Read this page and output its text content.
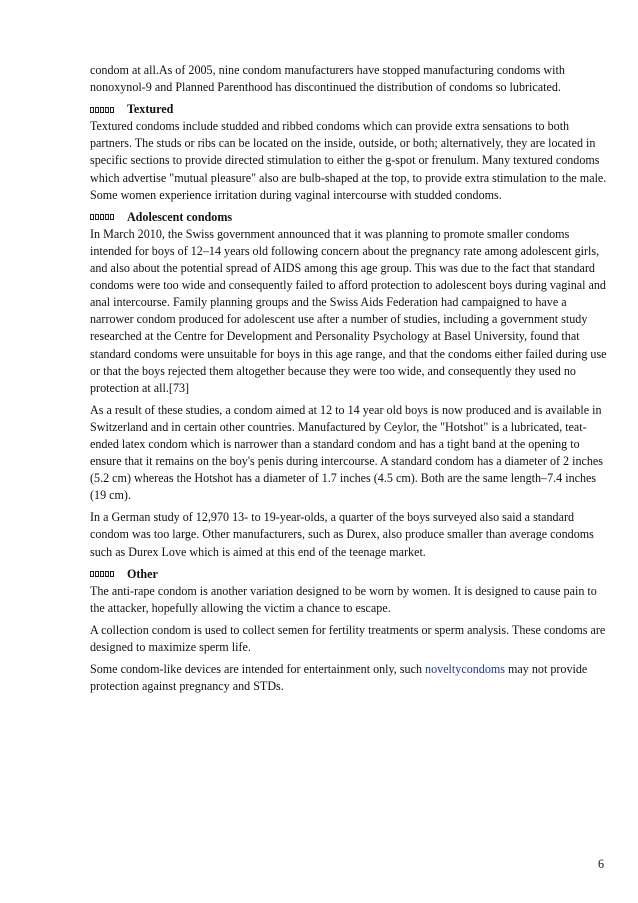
condom at all.As of 2005, nine condom manufacturers have stopped manufacturing condoms with nonoxynol-9 and Planned Parenthood has discontinued the distribution of condoms so lubricated.

Textured

Textured condoms include studded and ribbed condoms which can provide extra sensations to both partners. The studs or ribs can be located on the inside, outside, or both; alternatively, they are located in specific sections to provide directed stimulation to either the g-spot or frenulum. Many textured condoms which advertise "mutual pleasure" also are bulb-shaped at the top, to provide extra stimulation to the male. Some women experience irritation during vaginal intercourse with studded condoms.

Adolescent condoms

In March 2010, the Swiss government announced that it was planning to promote smaller condoms intended for boys of 12–14 years old following concern about the pregnancy rate among adolescent girls, and also about the potential spread of AIDS among this age group. This was due to the fact that standard condoms were too wide and consequently failed to afford protection to adolescent boys during vaginal and anal intercourse. Family planning groups and the Swiss Aids Federation had campaigned to have a narrower condom produced for adolescent use after a number of studies, including a government study researched at the Centre for Development and Personality Psychology at Basel University, found that standard condoms were unsuitable for boys in this age range, and that the condoms either failed during use or that the boys rejected them altogether because they were too wide, and consequently they used no protection at all.[73]

As a result of these studies, a condom aimed at 12 to 14 year old boys is now produced and is available in Switzerland and in certain other countries. Manufactured by Ceylor, the "Hotshot" is a lubricated, teat-ended latex condom which is narrower than a standard condom and has a tight band at the opening to ensure that it remains on the boy's penis during intercourse. A standard condom has a diameter of 2 inches (5.2 cm) whereas the Hotshot has a diameter of 1.7 inches (4.5 cm). Both are the same length–7.4 inches (19 cm).

In a German study of 12,970 13- to 19-year-olds, a quarter of the boys surveyed also said a standard condom was too large. Other manufacturers, such as Durex, also produce smaller than average condoms such as Durex Love which is aimed at this end of the teenage market.

Other

The anti-rape condom is another variation designed to be worn by women. It is designed to cause pain to the attacker, hopefully allowing the victim a chance to escape.

A collection condom is used to collect semen for fertility treatments or sperm analysis. These condoms are designed to maximize sperm life.

Some condom-like devices are intended for entertainment only, such noveltycondoms may not provide protection against pregnancy and STDs.

6
